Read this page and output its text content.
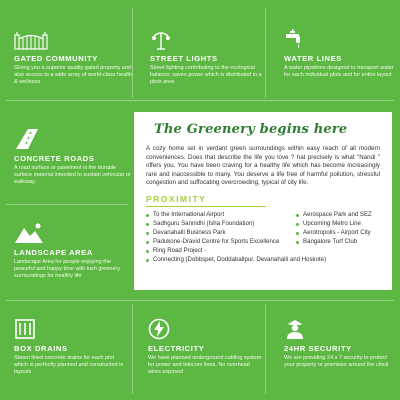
GATED COMMUNITY
Giving you a superior quality gated property and also access to a wide array of world-class health & wellness
STREET LIGHTS
Street lighting contributing to the ecological balance; saves power which is distributed in a plots area
WATER LINES
A water pipelines designed to transport water for each individual plots and for entire layout
CONCRETE ROADS
A road surface or pavement is the durable surface material intended to sustain vehicular or walkway.
LANDSCAPE AREA
Landscape Area for people enjoying the peaceful and happy time with lush greenery surroundings for healthy life
The Greenery begins here
A cozy home set in verdant green surroundings within easy reach of all modern conveniences. Does that describe the life you love ? hat precisely is what "Nandi " offers you. You have been craving for a healthy life which has become increasingly rare and inaccessible to many. You deserve a life free of harmful pollution, stressful congestion and suffocating overcrowding, typical of city life.
PROXIMITY
To the International Airport
Sadhguru Sannidhi (Isha Foundation)
Devanahalli Business Park
Padukone-Dravid Centre for Sports Excellence
Ring Road Project -
Connecting (Dobbspet, Doddaballpur. Devanahalli and Hoskote)
Aerospace Park and SEZ
Upcoming Metro Line
Aerotropolis - Airport City
Bangalore Turf Club
BOX DRAINS
Steam lined concrete drains for each plot which is perfectly planned and constructed in layouts
ELECTRICITY
We have planned underground cabling system for power and telecom lines. No overhead wires exposed
24HR SECURITY
We are providing 24 x 7 security to protect your property or premises around the clock
